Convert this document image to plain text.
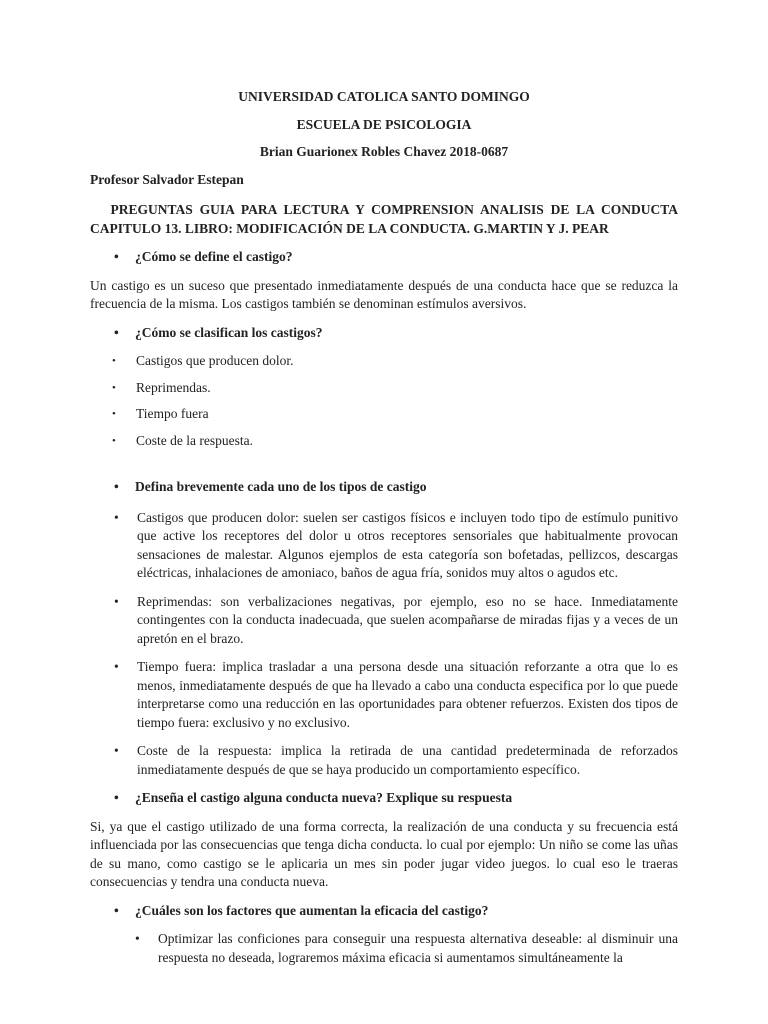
UNIVERSIDAD CATOLICA SANTO DOMINGO
ESCUELA DE PSICOLOGIA
Brian Guarionex Robles Chavez 2018-0687
Profesor Salvador Estepan
PREGUNTAS GUIA PARA LECTURA Y COMPRENSION ANALISIS DE LA CONDUCTA CAPITULO 13. LIBRO: MODIFICACIÓN DE LA CONDUCTA. G.MARTIN Y J. PEAR
• ¿Cómo se define el castigo?

Un castigo es un suceso que presentado inmediatamente después de una conducta hace que se reduzca la frecuencia de la misma. Los castigos también se denominan estímulos aversivos.

• ¿Cómo se clasifican los castigos?
• Castigos que producen dolor.
• Reprimendas.
• Tiempo fuera
• Coste de la respuesta.
• Defina brevemente cada uno de los tipos de castigo
• Castigos que producen dolor: suelen ser castigos físicos e incluyen todo tipo de estímulo punitivo que active los receptores del dolor u otros receptores sensoriales que habitualmente provocan sensaciones de malestar. Algunos ejemplos de esta categoría son bofetadas, pellizcos, descargas eléctricas, inhalaciones de amoniaco, baños de agua fría, sonidos muy altos o agudos etc.
• Reprimendas: son verbalizaciones negativas, por ejemplo, eso no se hace. Inmediatamente contingentes con la conducta inadecuada, que suelen acompañarse de miradas fijas y a veces de un apretón en el brazo.
• Tiempo fuera: implica trasladar a una persona desde una situación reforzante a otra que lo es menos, inmediatamente después de que ha llevado a cabo una conducta especifica por lo que puede interpretarse como una reducción en las oportunidades para obtener refuerzos. Existen dos tipos de tiempo fuera: exclusivo y no exclusivo.
• Coste de la respuesta: implica la retirada de una cantidad predeterminada de reforzados inmediatamente después de que se haya producido un comportamiento específico.
• ¿Enseña el castigo alguna conducta nueva? Explique su respuesta

Si, ya que el castigo utilizado de una forma correcta, la realización de una conducta y su frecuencia está influenciada por las consecuencias que tenga dicha conducta. lo cual por ejemplo: Un niño se come las uñas de su mano, como castigo se le aplicaria un mes sin poder jugar video juegos. lo cual eso le traeras consecuencias y tendra una conducta nueva.

• ¿Cuáles son los factores que aumentan la eficacia del castigo?
• Optimizar las conficiones para conseguir una respuesta alternativa deseable: al disminuir una respuesta no deseada, lograremos máxima eficacia si aumentamos simultáneamente la
